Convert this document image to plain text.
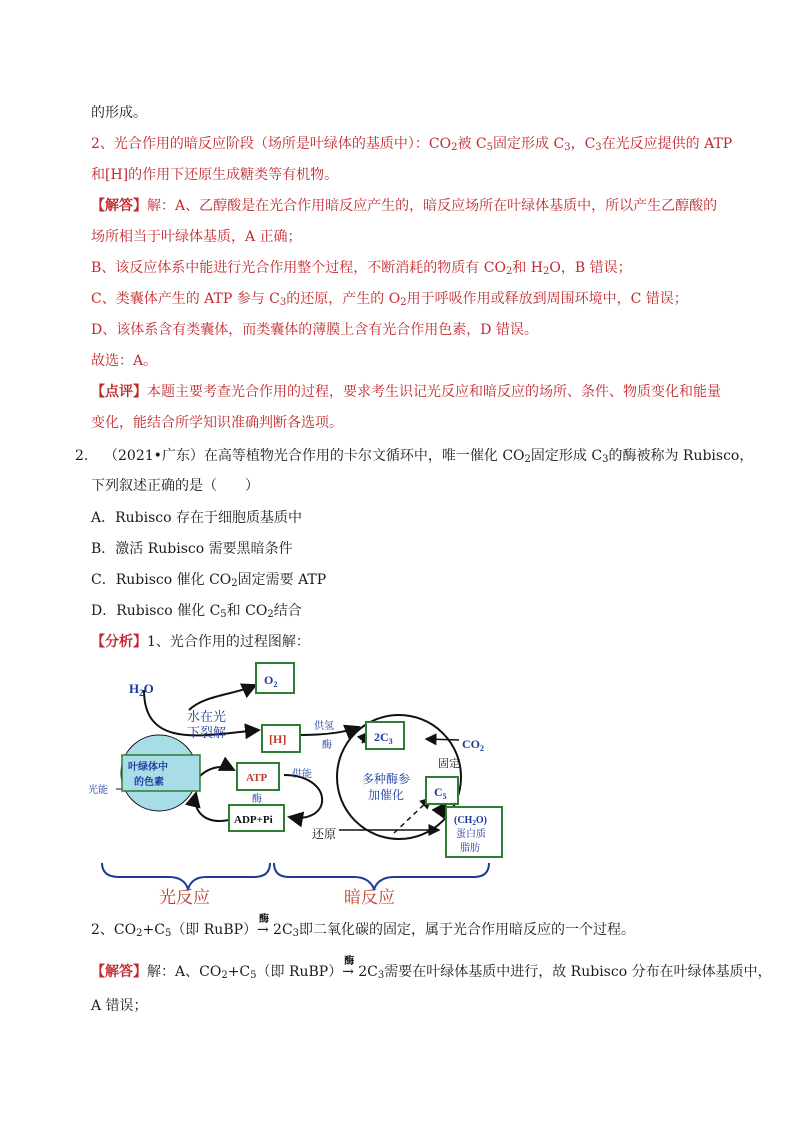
的形成。
2、光合作用的暗反应阶段（场所是叶绿体的基质中）：$CO_2$被 $C_5$固定形成 $C_3$，$C_3$在光反应提供的 ATP
和[H]的作用下还原生成糖类等有机物。
【解答】解：A、乙醇酸是在光合作用暗反应产生的，暗反应场所在叶绿体基质中，所以产生乙醇酸的
场所相当于叶绿体基质，A 正确；
B、该反应体系中能进行光合作用整个过程，不断消耗的物质有 $CO_2$和 $H_2O$，B 错误；
C、类囊体产生的 ATP 参与 $C_3$的还原，产生的 $O_2$用于呼吸作用或释放到周围环境中，C 错误；
D、该体系含有类囊体，而类囊体的薄膜上含有光合作用色素，D 错误。
故选：A。
【点评】本题主要考查光合作用的过程，要求考生识记光反应和暗反应的场所、条件、物质变化和能量
变化，能结合所学知识准确判断各选项。
2. （2021•广东）在高等植物光合作用的卡尔文循环中，唯一催化 $CO_2$固定形成 $C_3$的酶被称为 Rubisco，
下列叙述正确的是（　　）
A．Rubisco 存在于细胞质基质中
B．激活 Rubisco 需要黑暗条件
C．Rubisco 催化 $CO_2$固定需要 ATP
D．Rubisco 催化 $C_5$和 $CO_2$结合
【分析】1、光合作用的过程图解：
$H_2O$
$O_2$
水在光
下裂解	[H]
供氢
酶
叶绿体中
的色素
光能
ATP 供能
酶
ADP+Pi
$2C_3$	$CO_2$
固定
多种酶参
加催化 $C_5$
还原
$(CH_2O)$
蛋白质
脂肪
光反应	暗反应
2、$CO_2+C_5$（即 RuBP）
酶
→ $2C_3$即二氧化碳的固定，属于光合作用暗反应的一个过程。
【解答】解：A、$CO_2+C_5$（即 RuBP）
酶
→ $2C_3$需要在叶绿体基质中进行，故 Rubisco 分布在叶绿体基质中，
A 错误；
